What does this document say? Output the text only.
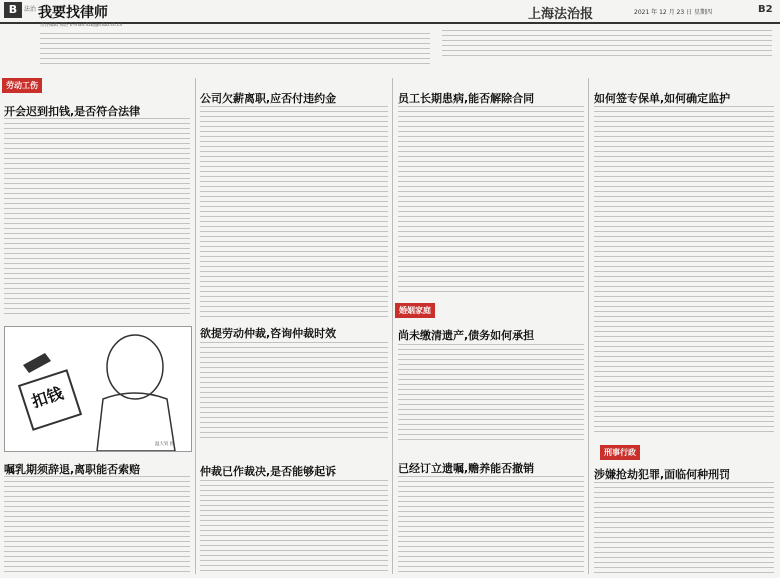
B	法治 我要找律师	上海法治报	2021 年 12 月 23 日 星期四	B2
责任编辑 邢洁 E-mail:flzbj@sfbb.sh.cn
劳动工伤
婚姻家庭
刑事行政
开会迟到扣钱,是否符合法律
扣钱
温大钊 摄
嘱乳期须辞退,离职能否索赔
公司欠薪离职,应否付违约金
欲提劳动仲裁,咨询仲裁时效
仲裁已作裁决,是否能够起诉
员工长期患病,能否解除合同
尚未缴清遗产,债务如何承担
已经订立遗嘱,赡养能否撤销
如何签专保单,如何确定监护
涉嫌抢劫犯罪,面临何种刑罚
